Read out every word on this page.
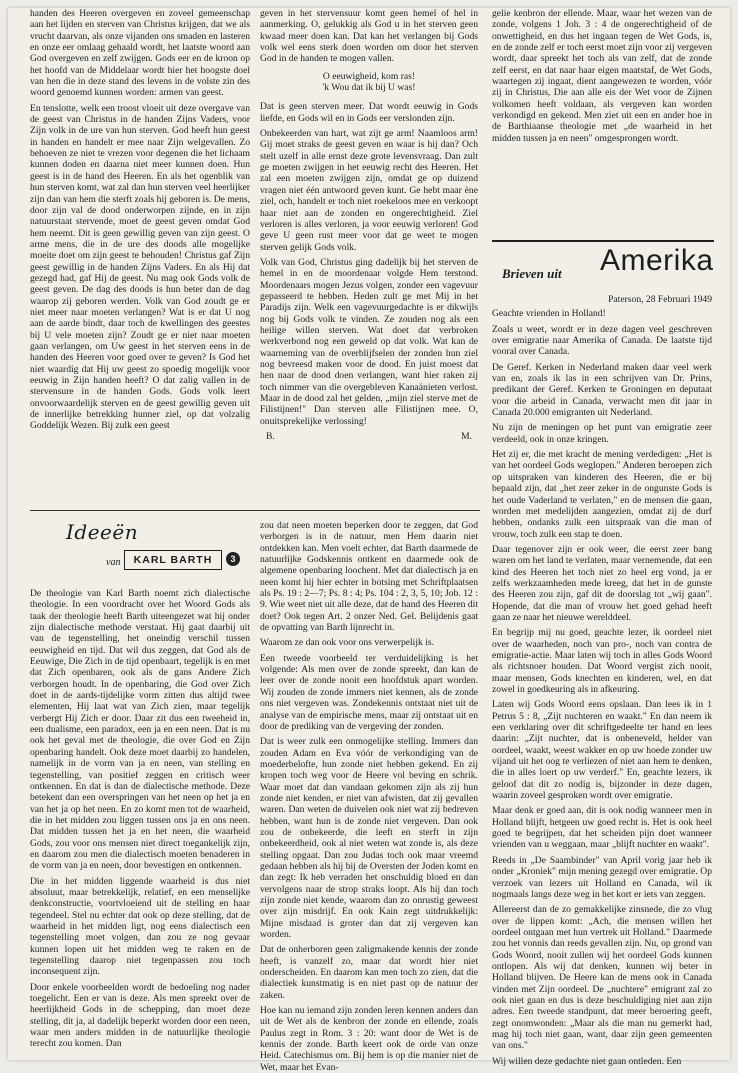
handen des Heeren overgeven en zoveel gemeenschap aan het lijden en sterven van Christus krijgen, dat we als vrucht daarvan, als onze vijanden ons smaden en lasteren en onze eer omlaag gehaald wordt, het laatste woord aan God overgeven en zelf zwijgen. Gods eer en de kroon op het hoofd van de Middelaar wordt hier het hoogste doel van hen die in deze stand des levens in de volste zin des woord genoemd kunnen worden: armen van geest.

En tenslotte, welk een troost vloeit uit deze overgave van de geest van Christus in de handen Zijns Vaders, voor Zijn volk in de ure van hun sterven. God heeft hun geest in handen en handelt er mee naar Zijn welgevallen. Zo behoeven ze niet te vrezen voor degenen die het lichaam kunnen doden en daarna niet meer kunnen doen. Hun geest is in de hand des Heeren. En als het ogenblik van hun sterven komt, wat zal dan hun sterven veel heerlijker zijn dan van hem die sterft zoals hij geboren is. De mens, door zijn val de dood onderworpen zijnde, en in zijn natuurstaat stervende, moet de geest geven omdat God hem neemt. Dit is geen gewillig geven van zijn geest. O arme mens, die in de ure des doods alle mogelijke moeite doet om zijn geest te behouden! Christus gaf Zijn geest gewillig in de handen Zijns Vaders. En als Hij dat gezegd had, gaf Hij de geest. Nu mag ook Gods volk de geest geven. De dag des doods is hun beter dan de dag waarop zij geboren werden. Volk van God zoudt ge er niet meer naar moeten verlangen? Wat is er dat U nog aan de aarde bindt, daar toch de kwellingen des geestes bij U vele moeten zijn? Zoudt ge er niet naar moeten gaan verlangen, om Uw geest in het sterven eens in de handen des Heeren voor goed over te geven? Is God het niet waardig dat Hij uw geest zo spoedig mogelijk voor eeuwig in Zijn handen heeft? O dat zalig vallen in de stervensure in de handen Gods. Gods volk leert onvoorwaardelijk sterven en de geest gewillig geven uit de innerlijke betrekking hunner ziel, op dat volzalig Goddelijk Wezen. Bij zulk een geest

geven in het stervensuur komt geen hemel of hel in aanmerking. O, gelukkig als God u in het sterven geen kwaad meer doen kan. Dat kan het verlangen bij Gods volk wel eens sterk doen worden om door het sterven God in de handen te mogen vallen.

O eeuwigheid, kom ras!
'k Wou dat ik bij U was!

Dat is geen sterven meer. Dat wordt eeuwig in Gods liefde, en Gods wil en in Gods eer verslonden zijn.

Onbekeerden van hart, wat zijt ge arm! Naamloos arm! Gij moet straks de geest geven en waar is hij dan? Och stelt uzelf in alle ernst deze grote levensvraag. Dan zult ge moeten zwijgen in het eeuwig recht des Heeren. Het zal een moeten zwijgen zijn, omdat ge op duizend vragen niet één antwoord geven kunt. Ge hebt maar ène ziel, och, handelt er toch niet roekeloos mee en verkoopt haar niet aan de zonden en ongerechtigheid. Ziel verloren is alles verloren, ja voor eeuwig verloren! God geve U geen rust meer voor dat ge weet te mogen sterven gelijk Gods volk.

Volk van God, Christus ging dadelijk bij het sterven de hemel in en de moordenaar volgde Hem terstond. Moordenaars mogen Jezus volgen, zonder een vagevuur gepasseerd te hebben. Heden zult ge met Mij in het Paradijs zijn. Welk een vagevuurgedachte is er dikwijls nog bij Gods volk te vinden. Ze zouden nog als een heilige willen sterven. Wat doet dat verbroken werkverbond nog een geweld op dat volk. Wat kan de waarneming van de overblijfselen der zonden hun ziel nog bevreesd maken voor de dood. En juist moest dat hen naar de dood doen verlangen, want hier raken zij toch nimmer van die overgebleven Kanaänieten verlost. Maar in de dood zal het gelden, „mijn ziel sterve met de Filistijnen!" Dan sterven alle Filistijnen mee. O, onuitsprekelijke verlossing!

B.	M.

gelie kenbron der ellende. Maar, waar het wezen van de zonde, volgens 1 Joh. 3 : 4 de ongerechtigheid of de onwettigheid, en dus het ingaan tegen de Wet Gods, is, en de zonde zelf er toch eerst moet zijn voor zij vergeven wordt, daar spreekt het toch als van zelf, dat de zonde zelf eerst, en dat naar haar eigen maatstaf, de Wet Gods, waartegen zij ingaat, dient aangewezen te worden, vóór zij in Christus, Die aan alle eis der Wet voor de Zijnen volkomen heeft voldaan, als vergeven kan worden verkondigd en gekend. Men ziet uit een en ander hoe in de Barthiaanse theologie met „de waarheid in het midden tussen ja en neen" omgesprongen wordt.

Brieven uit Amerika
Paterson, 28 Februari 1949

Geachte vrienden in Holland!

Zoals u weet, wordt er in deze dagen veel geschreven over emigratie naar Amerika of Canada. De laatste tijd vooral over Canada.

De Geref. Kerken in Nederland maken daar veel werk van en, zoals ik las in een schrijven van Dr. Prins, predikant der Geref. Kerken te Groningen en deputaat voor die arbeid in Canada, verwacht men dit jaar in Canada 20.000 emigranten uit Nederland.

Nu zijn de meningen op het punt van emigratie zeer verdeeld, ook in onze kringen.

Het zij er, die met kracht de mening verdedigen: „Het is van het oordeel Gods weglopen." Anderen beroepen zich op uitspraken van kinderen des Heeren, die er bij bepaald zijn, dat „het zeer zeker in de ongunste Gods is het oude Vaderland te verlaten," en de mensen die gaan, worden met medelijden aangezien, omdat zij de durf hebben, ondanks zulk een uitspraak van die man of vrouw, toch zulk een stap te doen.

Daar tegenover zijn er ook weer, die eerst zeer bang waren om het land te verlaten, maar vernemende, dat een kind des Heeren het toch niet zo heel erg vond, ja er zelfs werkzaamheden mede kreeg, dat het in de gunste des Heeren zou zijn, gaf dit de doorslag tot „wij gaan". Hopende, dat die man of vrouw het goed gehad heeft gaan ze naar het nieuwe werelddeel.

En begrijp mij nu goed, geachte lezer, ik oordeel niet over de waarheden, noch van pro-, noch van contra de emigratie-actie. Maar laten wij toch in alles Gods Woord als richtsnoer houden. Dat Woord vergist zich nooit, maar mensen, Gods knechten en kinderen, wel, en dat zowel in goedkeuring als in afkeuring.

Laten wij Gods Woord eens opslaan. Dan lees ik in 1 Petrus 5 : 8, „Zijt nuchteren en waakt." En dan neem ik een verklaring over dit schriftgedeelte ter hand en lees daarin: „Zijt nuchter, dat is onbeneveld, helder van oordeel, waakt, weest wakker en op uw hoede zonder uw vijand uit het oog te verliezen of niet aan hem te denken, die in alles loert op uw verderf." En, geachte lezers, ik geloof dat dit zo nodig is, bijzonder in deze dagen, waarin zoveel gesproken wordt over emigratie.

Maar denk er goed aan, dit is ook nodig wanneer men in Holland blijft, hetgeen uw goed recht is. Het is ook heel goed te begrijpen, dat het scheiden pijn doet wanneer vrienden van u weggaan, maar „blijft nuchter en waakt".

Reeds in „De Saambinder" van April vorig jaar heb ik onder „Kroniek" mijn mening gezegd over emigratie. Op verzoek van lezers uit Holland en Canada, wil ik nogmaals langs deze weg in het kort er iets van zeggen.

Allereerst dan de zo gemakkelijke zinsnede, die zo vlug over de lippen komt: „Ach, die mensen willen het oordeel ontgaan met hun vertrek uit Holland." Daarmede zou het vonnis dan reeds gevallen zijn. Nu, op grond van Gods Woord, nooit zullen wij het oordeel Gods kunnen ontlopen. Als wij dat denken, kunnen wij beter in Holland blijven. De Heere kan de mens ook in Canada vinden met Zijn oordeel. De „nuchtere" emigrant zal zo ook niet gaan en dus is deze beschuldiging niet aan zijn adres. Een tweede standpunt, dat meer beroering geeft, zegt onomwonden: „Maar als die man nu gemerkt had, mag hij toch niet gaan, want, daar zijn geen gemeenten van ons."

Wij willen deze gedachte niet gaan ontleden. Een

Ideeën
van	KARL BARTH	3

De theologie van Karl Barth noemt zich dialectische theologie. In een voordracht over het Woord Gods als taak der theologie heeft Barth uiteengezet wat hij onder zijn dialectische methode verstaat. Hij gaat daarbij uit van de tegenstelling, het oneindig verschil tussen eeuwigheid en tijd. Dat wil dus zeggen, dat God als de Eeuwige, Die Zich in de tijd openbaart, tegelijk is en met dat Zich openbaren, ook als de gans Andere Zich verborgen houdt. In de openbaring, die God over Zich doet in de aards-tijdelijke vorm zitten dus altijd twee elementen, Hij laat wat van Zich zien, maar tegelijk verbergt Hij Zich er door. Daar zit dus een tweeheid in, een dualisme, een paradox, een ja en een neen. Dat is nu ook het geval met de theologie, die over God en Zijn openbaring handelt. Ook deze moet daarbij zo handelen, namelijk in de vorm van ja en neen, van stelling en tegenstelling, van positief zeggen en critisch weer ontkennen. En dat is dan de dialectische methode. Deze betekent dan een overspringen van het neen op het ja en van het ja op het neen. En zo komt men tot de waarheid, die in het midden zou liggen tussen ons ja en ons neen. Dat midden tussen het ja en het neen, die waarheid Gods, zou voor ons mensen niet direct toegankelijk zijn, en daarom zou men die dialectisch moeten benaderen in de vorm van ja en neen, door bevestigen en ontkennen.

Die in het midden liggende waarheid is dus niet absoluut, maar betrekkelijk, relatief, en een menselijke denkconstructie, voortvloeiend uit de stelling en haar tegendeel. Stel nu echter dat ook op deze stelling, dat de waarheid in het midden ligt, nog eens dialectisch een tegenstelling moet volgen, dan zou ze nog gevaar kunnen lopen uit het midden weg te raken en de tegenstelling daarop niet tegenpassen zou toch inconsequent zijn.

Door enkele voorbeelden wordt de bedoeling nog nader toegelicht. Een er van is deze. Als men spreekt over de heerlijkheid Gods in de schepping, dan moet deze stelling, dit ja, al dadelijk beperkt worden door een neen, waar men anders midden in de natuurlijke theologie terecht zou komen. Dan

zou dat neen moeten beperken door te zeggen, dat God verborgen is in de natuur, men Hem daarin niet ontdekken kan. Men voelt echter, dat Barth daarmede de natuurlijke Godskennis ontkent en daarmede ook de algemene openbaring loochent. Met dat dialectisch ja en neen komt hij hier echter in botsing met Schriftplaatsen als Ps. 19 : 2—7; Ps. 8 : 4; Ps. 104 : 2, 3, 5, 10; Job. 12 : 9. Wie weet niet uit alle deze, dat de hand des Heeren dit doet? Ook tegen Art. 2 onzer Ned. Gel. Belijdenis gaat de opvatting van Barth lijnrecht in.

Waarom ze dan ook voor ons verwerpelijk is.

Een tweede voorbeeld ter verduidelijking is het volgende: Als men over de zonde spreekt, dan kan de leer over de zonde nooit een hoofdstuk apart worden. Wij zouden de zonde immers niet kennen, als de zonde ons niet vergeven was. Zondekennis ontstaat niet uit de analyse van de empirische mens, maar zij ontstaat uit en door de prediking van de vergeving der zonden.

Dat is weer zulk een onmogelijke stelling. Immers dan zouden Adam en Eva vóór de verkondiging van de moederbelofte, hun zonde niet hebben gekend. En zij kropen toch weg voor de Heere vol beving en schrik. Waar moet dat dan vandaan gekomen zijn als zij hun zonde niet kenden, er niet van afwisten, dat zij gevallen waren. Dan weten de duivelen ook niet wat zij bedreven hebben, want hun is de zonde niet vergeven. Dan ook zou de onbekeerde, die leeft en sterft in zijn onbekeerdheid, ook al niet weten wat zonde is, als deze stelling opgaat. Dan zou Judas toch ook maar vreemd gedaan hebben als hij bij de Oversten der Joden komt en dan zegt: Ik heb verraden het onschuldig bloed en dan vervolgens naar de strop straks loopt. Als hij dan toch zijn zonde niet kende, waarom dan zo onrustig geweest over zijn misdrijf. En ook Kain zegt uitdrukkelijk: Mijne misdaad is groter dan dat zij vergeven kan worden.

Dat de onherboren geen zaligmakende kennis der zonde heeft, is vanzelf zo, maar dat wordt hier niet onderscheiden. En daarom kan men toch zo zien, dat die dialectiek kunstmatig is en niet past op de natuur der zaken.

Hoe kan nu iemand zijn zonden leren kennen anders dan uit de Wet als de kenbron der zonde en ellende, zoals Paulus zegt in Rom. 3 : 20: want door de Wet is de kennis der zonde. Barth keert ook de orde van onze Heid. Catechismus om. Bij hem is op die manier niet de Wet, maar het Evan-
